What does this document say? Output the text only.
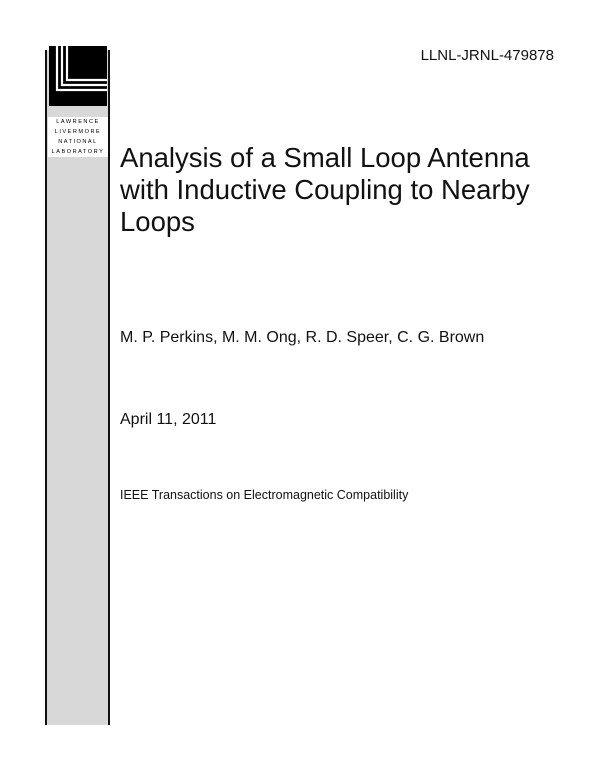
LAWRENCE
LIVERMORE
NATIONAL
LABORATORY
LLNL-JRNL-479878
Analysis of a Small Loop Antenna with Inductive Coupling to Nearby Loops
M. P. Perkins, M. M. Ong, R. D. Speer, C. G. Brown
April 11, 2011
IEEE Transactions on Electromagnetic Compatibility
